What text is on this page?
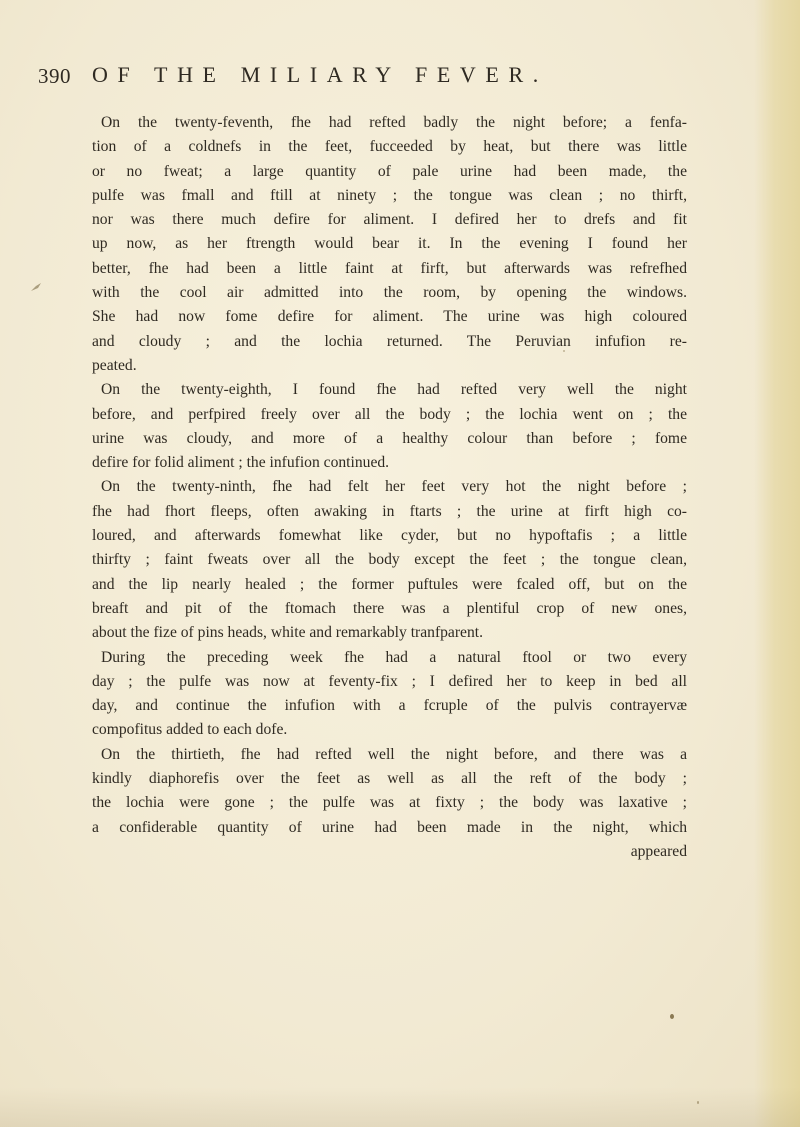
390 OF THE MILIARY FEVER.
On the twenty-feventh, fhe had refted badly the night before; a fenfa-
tion of a coldnefs in the feet, fucceeded by heat, but there was little
or no fweat; a large quantity of pale urine had been made, the
pulfe was fmall and ftill at ninety ; the tongue was clean ; no thirft,
nor was there much defire for aliment. I defired her to drefs and fit
up now, as her ftrength would bear it. In the evening I found her
better, fhe had been a little faint at firft, but afterwards was refrefhed
with the cool air admitted into the room, by opening the windows.
She had now fome defire for aliment. The urine was high coloured
and cloudy ; and the lochia returned. The Peruvian infufion re-
peated.
On the twenty-eighth, I found fhe had refted very well the night
before, and perfpired freely over all the body ; the lochia went on ; the
urine was cloudy, and more of a healthy colour than before ; fome
defire for folid aliment ; the infufion continued.
On the twenty-ninth, fhe had felt her feet very hot the night before ;
fhe had fhort fleeps, often awaking in ftarts ; the urine at firft high co-
loured, and afterwards fomewhat like cyder, but no hypoftafis ; a little
thirfty ; faint fweats over all the body except the feet ; the tongue clean,
and the lip nearly healed ; the former puftules were fcaled off, but on the
breaft and pit of the ftomach there was a plentiful crop of new ones,
about the fize of pins heads, white and remarkably tranfparent.
During the preceding week fhe had a natural ftool or two every
day ; the pulfe was now at feventy-fix ; I defired her to keep in bed all
day, and continue the infufion with a fcruple of the pulvis contrayervæ
compofitus added to each dofe.
On the thirtieth, fhe had refted well the night before, and there was a
kindly diaphorefis over the feet as well as all the reft of the body ;
the lochia were gone ; the pulfe was at fixty ; the body was laxative ;
a confiderable quantity of urine had been made in the night, which
appeared
